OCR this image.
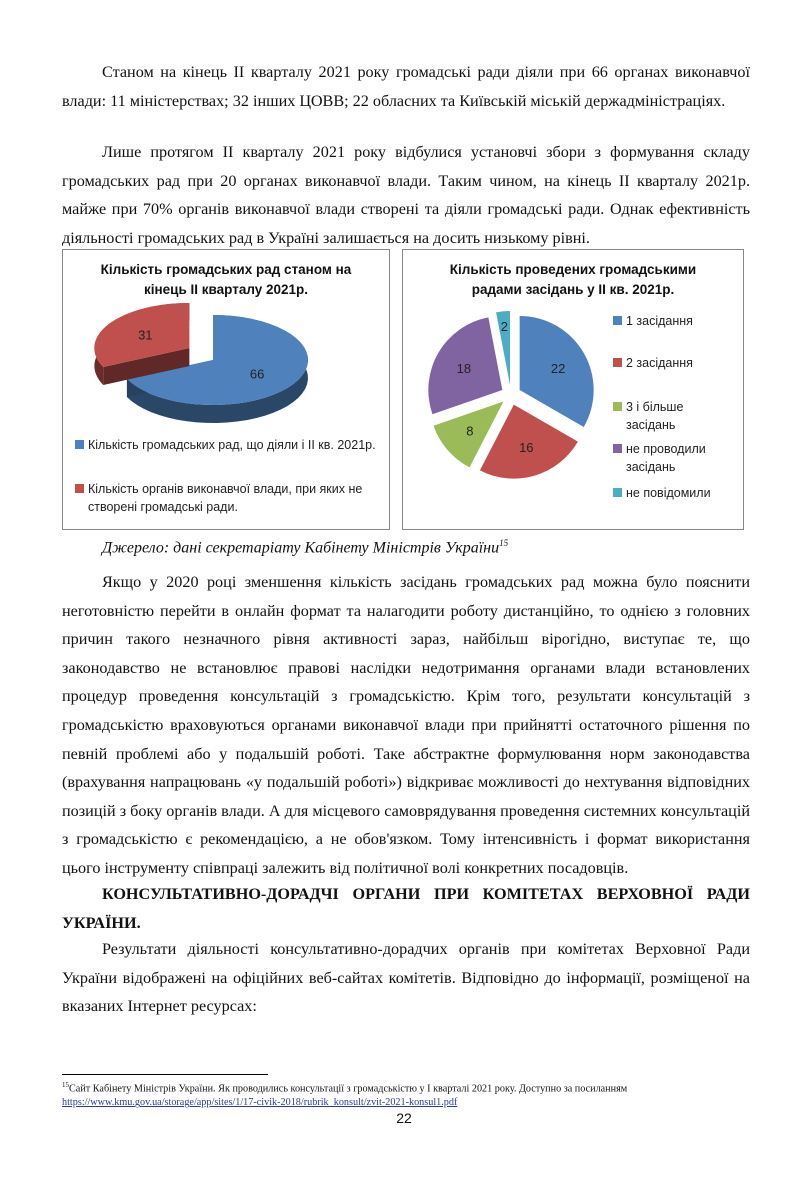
Станом на кінець II кварталу 2021 року громадські ради діяли при 66 органах виконавчої влади: 11 міністерствах; 32 інших ЦОВВ; 22 обласних та Київській міській держадміністраціях.

Лише протягом II кварталу 2021 року відбулися установчі збори з формування складу громадських рад при 20 органах виконавчої влади. Таким чином, на кінець II кварталу 2021р. майже при 70% органів виконавчої влади створені та діяли громадські ради. Однак ефективність діяльності громадських рад в Україні залишається на досить низькому рівні.

Кількість громадських рад станом на
кінець II кварталу 2021р.
66
31
Кількість громадських рад, що діяли і II кв. 2021р.
Кількість органів виконавчої влади, при яких не
створені громадські ради.
Кількість проведених громадськими
радами засідань у II кв. 2021р.
22
16
8
18
2	1 засідання
2 засідання
3 і більше
засідань
не проводили
засідань
не повідомили
Джерело: дані секретаріату Кабінету Міністрів України$^{15}$

Якщо у 2020 році зменшення кількість засідань громадських рад можна було пояснити неготовністю перейти в онлайн формат та налагодити роботу дистанційно, то однією з головних причин такого незначного рівня активності зараз, найбільш вірогідно, виступає те, що законодавство не встановлює правові наслідки недотримання органами влади встановлених процедур проведення консультацій з громадськістю. Крім того, результати консультацій з громадськістю враховуються органами виконавчої влади при прийнятті остаточного рішення по певній проблемі або у подальшій роботі. Таке абстрактне формулювання норм законодавства (врахування напрацювань «у подальшій роботі») відкриває можливості до нехтування відповідних позицій з боку органів влади. А для місцевого самоврядування проведення системних консультацій з громадськістю є рекомендацією, а не обов'язком. Тому інтенсивність і формат використання цього інструменту співпраці залежить від політичної волі конкретних посадовців.

КОНСУЛЬТАТИВНО-ДОРАДЧІ ОРГАНИ ПРИ КОМІТЕТАХ ВЕРХОВНОЇ РАДИ УКРАЇНИ.

Результати діяльності консультативно-дорадчих органів при комітетах Верховної Ради України відображені на офіційних веб-сайтах комітетів. Відповідно до інформації, розміщеної на вказаних Інтернет ресурсах:

$^{15}$Сайт Кабінету Міністрів України. Як проводились консультації з громадськістю у І кварталі 2021 року. Доступно за посиланням
https://www.kmu.gov.ua/storage/app/sites/1/17-civik-2018/rubrik_konsult/zvit-2021-konsul1.pdf
22
